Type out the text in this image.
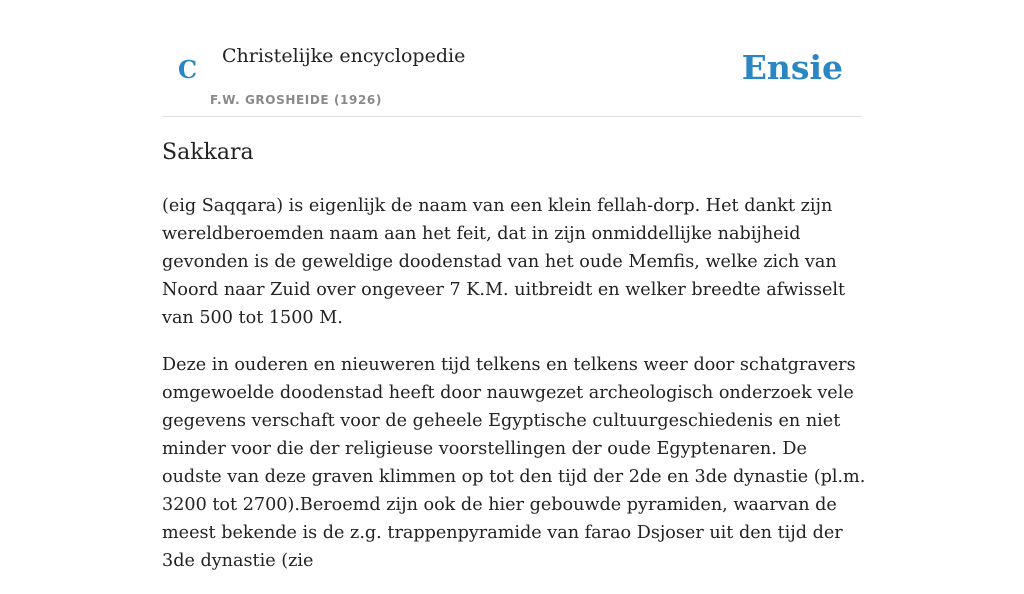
C Christelijke encyclopedie
F.W. GROSHEIDE (1926)
Ensie
Sakkara

(eig Saqqara) is eigenlijk de naam van een klein fellah-dorp. Het dankt zijn wereldberoemden naam aan het feit, dat in zijn onmiddellijke nabijheid gevonden is de geweldige doodenstad van het oude Memfis, welke zich van Noord naar Zuid over ongeveer 7 K.M. uitbreidt en welker breedte afwisselt van 500 tot 1500 M.

Deze in ouderen en nieuweren tijd telkens en telkens weer door schatgravers omgewoelde doodenstad heeft door nauwgezet archeologisch onderzoek vele gegevens verschaft voor de geheele Egyptische cultuurgeschiedenis en niet minder voor die der religieuse voorstellingen der oude Egyptenaren. De oudste van deze graven klimmen op tot den tijd der 2de en 3de dynastie (pl.m. 3200 tot 2700).Beroemd zijn ook de hier gebouwde pyramiden, waarvan de meest bekende is de z.g. trappenpyramide van farao Dsjoser uit den tijd der 3de dynastie (zie
